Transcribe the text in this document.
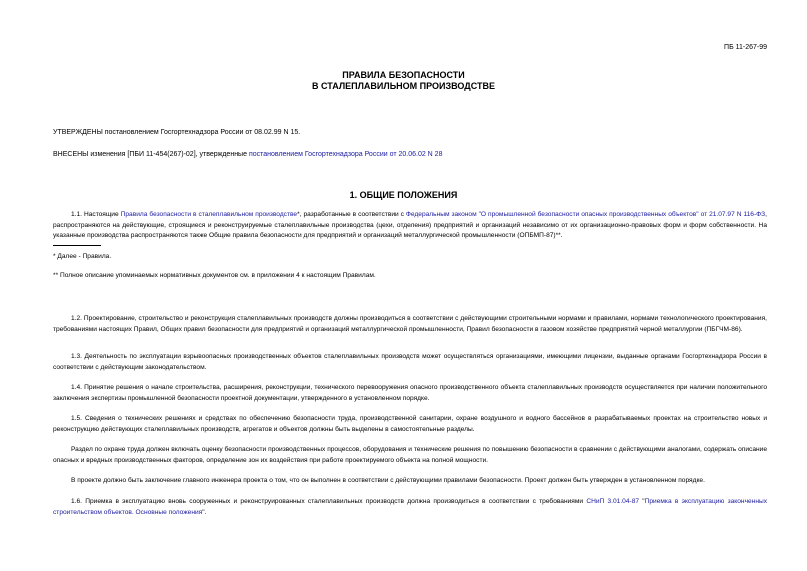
ПБ 11-267-99
ПРАВИЛА БЕЗОПАСНОСТИ
В СТАЛЕПЛАВИЛЬНОМ ПРОИЗВОДСТВЕ
УТВЕРЖДЕНЫ постановлением Госгортехнадзора России от 08.02.99 N 15.
ВНЕСЕНЫ изменения [ПБИ 11-454(267)-02], утвержденные постановлением Госгортехнадзора России от 20.06.02 N 28
1. ОБЩИЕ ПОЛОЖЕНИЯ

1.1. Настоящие Правила безопасности в сталеплавильном производстве*, разработанные в соответствии с Федеральным законом "О промышленной безопасности опасных производственных объектов" от 21.07.97 N 116-ФЗ, распространяются на действующие, строящиеся и реконструируемые сталеплавильные производства (цехи, отделения) предприятий и организаций независимо от их организационно-правовых форм и форм собственности. На указанные производства распространяются также Общие правила безопасности для предприятий и организаций металлургической промышленности (ОПБМП-87)**.

* Далее - Правила.
** Полное описание упоминаемых нормативных документов см. в приложении 4 к настоящим Правилам.

1.2. Проектирование, строительство и реконструкция сталеплавильных производств должны производиться в соответствии с действующими строительными нормами и правилами, нормами технологического проектирования, требованиями настоящих Правил, Общих правил безопасности для предприятий и организаций металлургической промышленности, Правил безопасности в газовом хозяйстве предприятий черной металлургии (ПБГЧМ-86).

1.3. Деятельность по эксплуатации взрывоопасных производственных объектов сталеплавильных производств может осуществляться организациями, имеющими лицензии, выданные органами Госгортехнадзора России в соответствии с действующим законодательством.

1.4. Принятие решения о начале строительства, расширения, реконструкции, технического перевооружения опасного производственного объекта сталеплавильных производств осуществляется при наличии положительного заключения экспертизы промышленной безопасности проектной документации, утвержденного в установленном порядке.

1.5. Сведения о технических решениях и средствах по обеспечению безопасности труда, производственной санитарии, охране воздушного и водного бассейнов в разрабатываемых проектах на строительство новых и реконструкцию действующих сталеплавильных производств, агрегатов и объектов должны быть выделены в самостоятельные разделы.

Раздел по охране труда должен включать оценку безопасности производственных процессов, оборудования и технические решения по повышению безопасности в сравнении с действующими аналогами, содержать описание опасных и вредных производственных факторов, определение зон их воздействия при работе проектируемого объекта на полной мощности.

В проекте должно быть заключение главного инженера проекта о том, что он выполнен в соответствии с действующими правилами безопасности. Проект должен быть утвержден в установленном порядке.

1.6. Приемка в эксплуатацию вновь сооруженных и реконструированных сталеплавильных производств должна производиться в соответствии с требованиями СНиП 3.01.04-87 "Приемка в эксплуатацию законченных строительством объектов. Основные положения".
